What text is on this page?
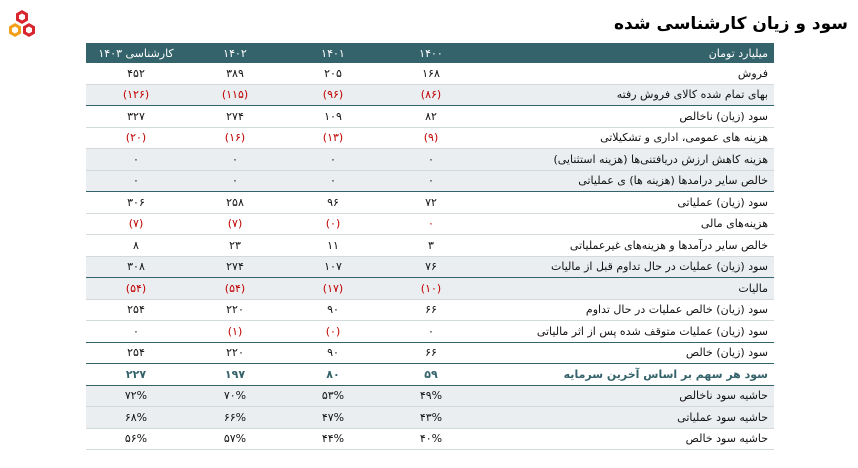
سود و زیان کارشناسی شده
میلیارد تومان	۱۴۰۰	۱۴۰۱	۱۴۰۲	کارشناسی ۱۴۰۳
فروش	۱۶۸	۲۰۵	۳۸۹	۴۵۲
بهای تمام شده کالای فروش رفته	(۸۶)	(۹۶)	(۱۱۵)	(۱۲۶)
سود (زیان) ناخالص	۸۲	۱۰۹	۲۷۴	۳۲۷
هزینه های عمومی، اداری و تشکیلاتی	(۹)	(۱۳)	(۱۶)	(۲۰)
هزینه کاهش ارزش دریافتنی‌ها (هزینه استثنایی)	۰	۰	۰	۰
خالص سایر درامدها (هزینه ها) ی عملیاتی	۰	۰	۰	۰
سود (زیان) عملیاتی	۷۲	۹۶	۲۵۸	۳۰۶
هزینه‌های مالی	۰	(۰)	(۷)	(۷)
خالص سایر درآمدها و هزینه‌های غیرعملیاتی	۳	۱۱	۲۳	۸
سود (زیان) عملیات در حال تداوم قبل از مالیات	۷۶	۱۰۷	۲۷۴	۳۰۸
مالیات	(۱۰)	(۱۷)	(۵۴)	(۵۴)
سود (زیان) خالص عملیات در حال تداوم	۶۶	۹۰	۲۲۰	۲۵۴
سود (زیان) عملیات متوقف شده پس از اثر مالیاتی	۰	(۰)	(۱)	۰
سود (زیان) خالص	۶۶	۹۰	۲۲۰	۲۵۴
سود هر سهم بر اساس آخرین سرمایه	۵۹	۸۰	۱۹۷	۲۲۷
حاشیه سود ناخالص	۴۹%	۵۳%	۷۰%	۷۲%
حاشیه سود عملیاتی	۴۳%	۴۷%	۶۶%	۶۸%
حاشیه سود خالص	۴۰%	۴۴%	۵۷%	۵۶%
